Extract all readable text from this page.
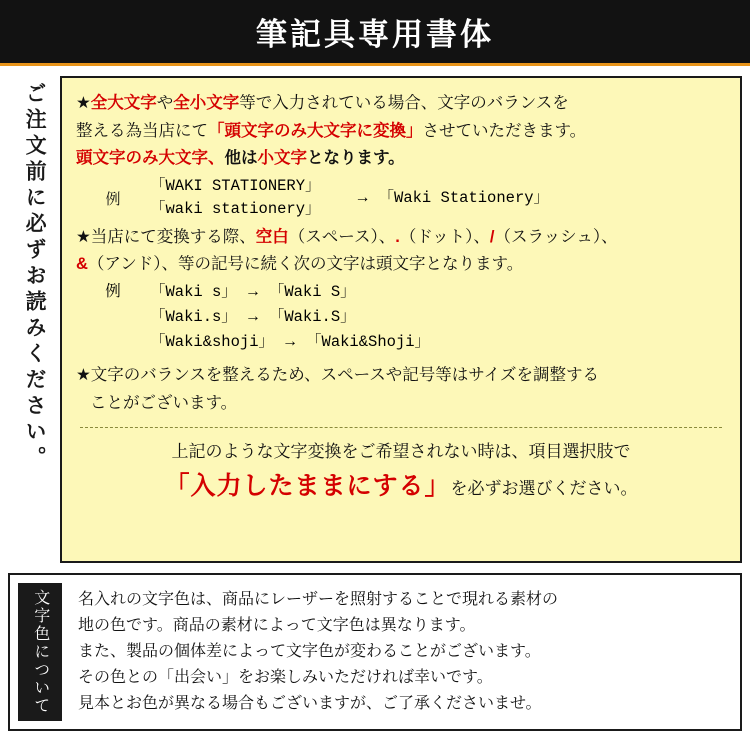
筆記具専用書体
ご注文前に必ずお読みください。 ★全大文字や全小文字等で入力されている場合、文字のバランスを

整える為当店にて「頭文字のみ大文字に変換」させていただきます。

頭文字のみ大文字、他は小文字となります。

例
「WAKI STATIONERY」
「waki stationery」
→ 「Waki Stationery」

★当店にて変換する際、空白（スペース）、.（ドット）、/（スラッシュ）、

&（アンド）、等の記号に続く次の文字は頭文字となります。

例	「Waki s」 → 「Waki S」
「Waki.s」 → 「Waki.S」
「Waki&shoji」 → 「Waki&Shoji」

★文字のバランスを整えるため、スペースや記号等はサイズを調整する

ことがございます。

上記のような文字変換をご希望されない時は、項目選択肢で

「入力したままにする」を必ずお選びください。

文字色について 名入れの文字色は、商品にレーザーを照射することで現れる素材の

地の色です。商品の素材によって文字色は異なります。

また、製品の個体差によって文字色が変わることがございます。

その色との「出会い」をお楽しみいただければ幸いです。

見本とお色が異なる場合もございますが、ご了承くださいませ。
